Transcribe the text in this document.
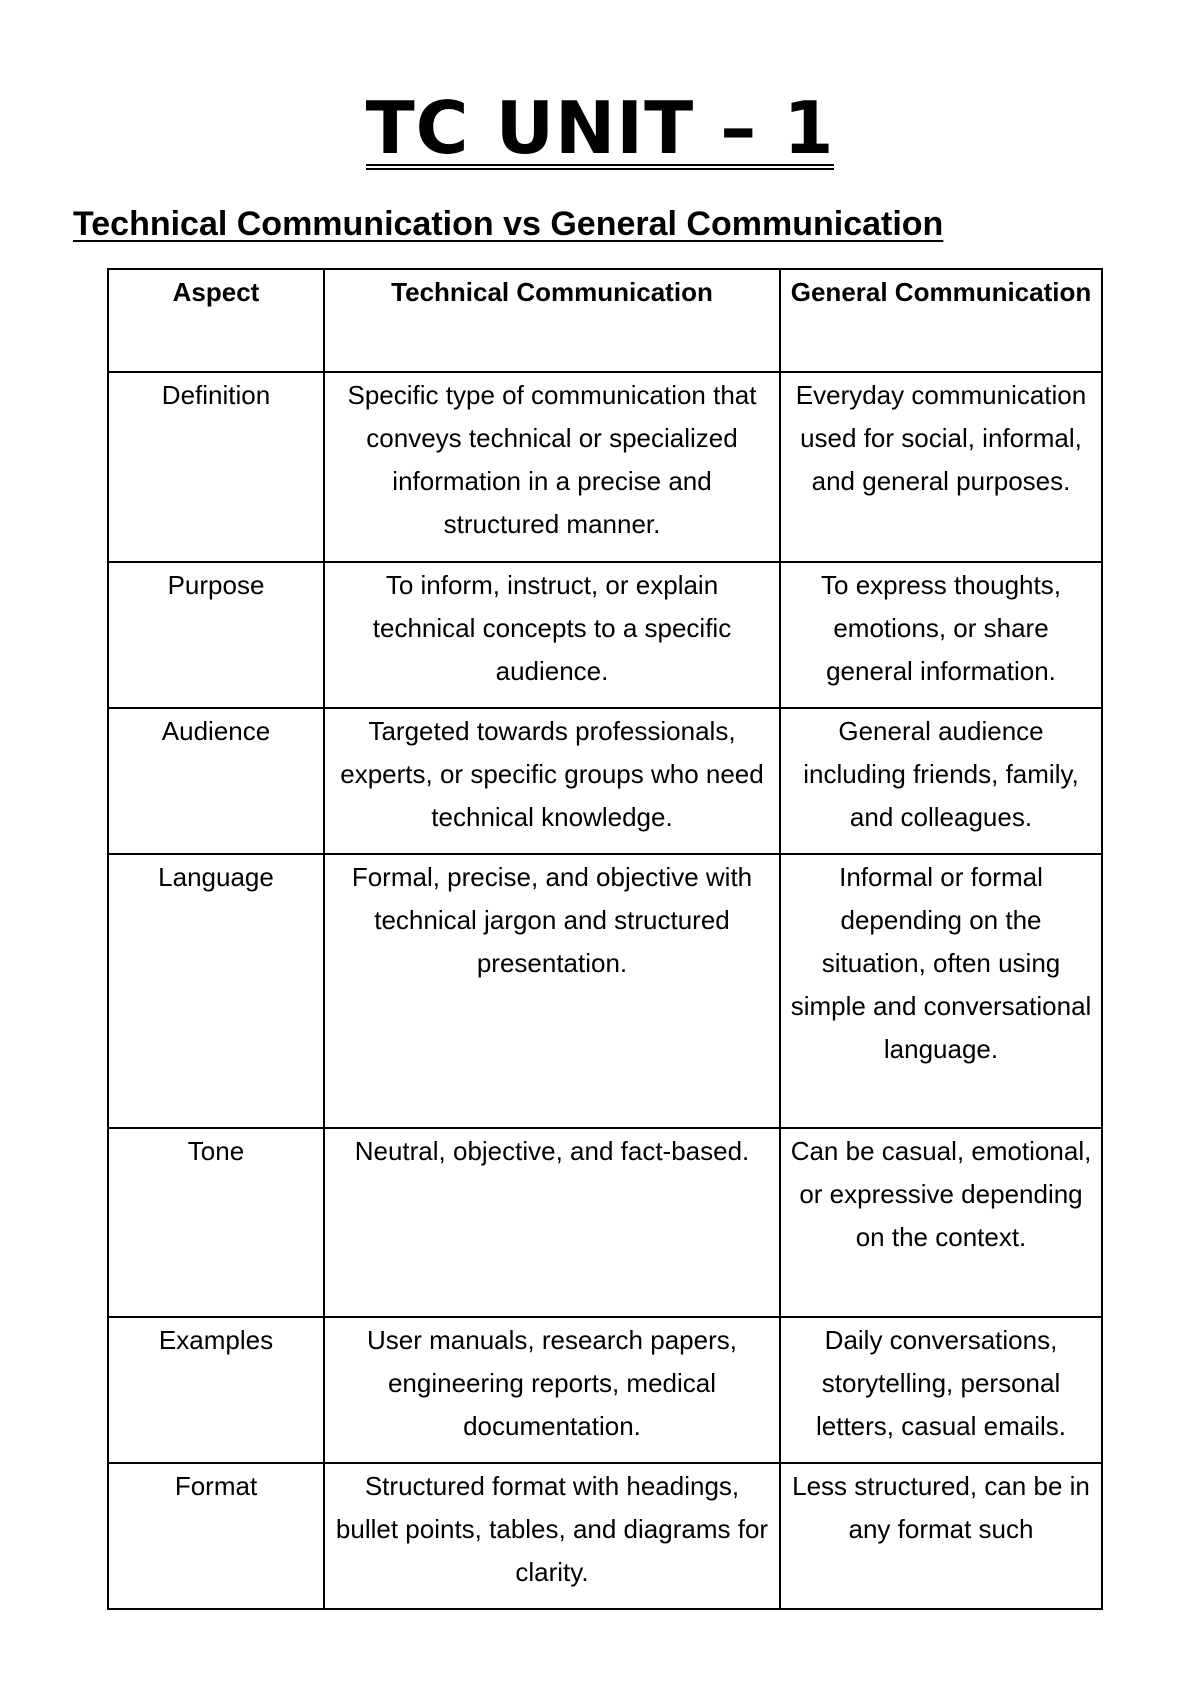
TC UNIT – 1
Technical Communication vs General Communication
Aspect	Technical Communication	General Communication
Definition	Specific type of communication that conveys technical or specialized information in a precise and structured manner.	Everyday communication used for social, informal, and general purposes.
Purpose	To inform, instruct, or explain technical concepts to a specific audience.	To express thoughts, emotions, or share general information.
Audience	Targeted towards professionals, experts, or specific groups who need technical knowledge.	General audience including friends, family, and colleagues.
Language	Formal, precise, and objective with technical jargon and structured presentation.	Informal or formal depending on the situation, often using simple and conversational language.
Tone	Neutral, objective, and fact-based.	Can be casual, emotional, or expressive depending on the context.
Examples	User manuals, research papers, engineering reports, medical documentation.	Daily conversations, storytelling, personal letters, casual emails.
Format	Structured format with headings, bullet points, tables, and diagrams for clarity.	Less structured, can be in any format such
